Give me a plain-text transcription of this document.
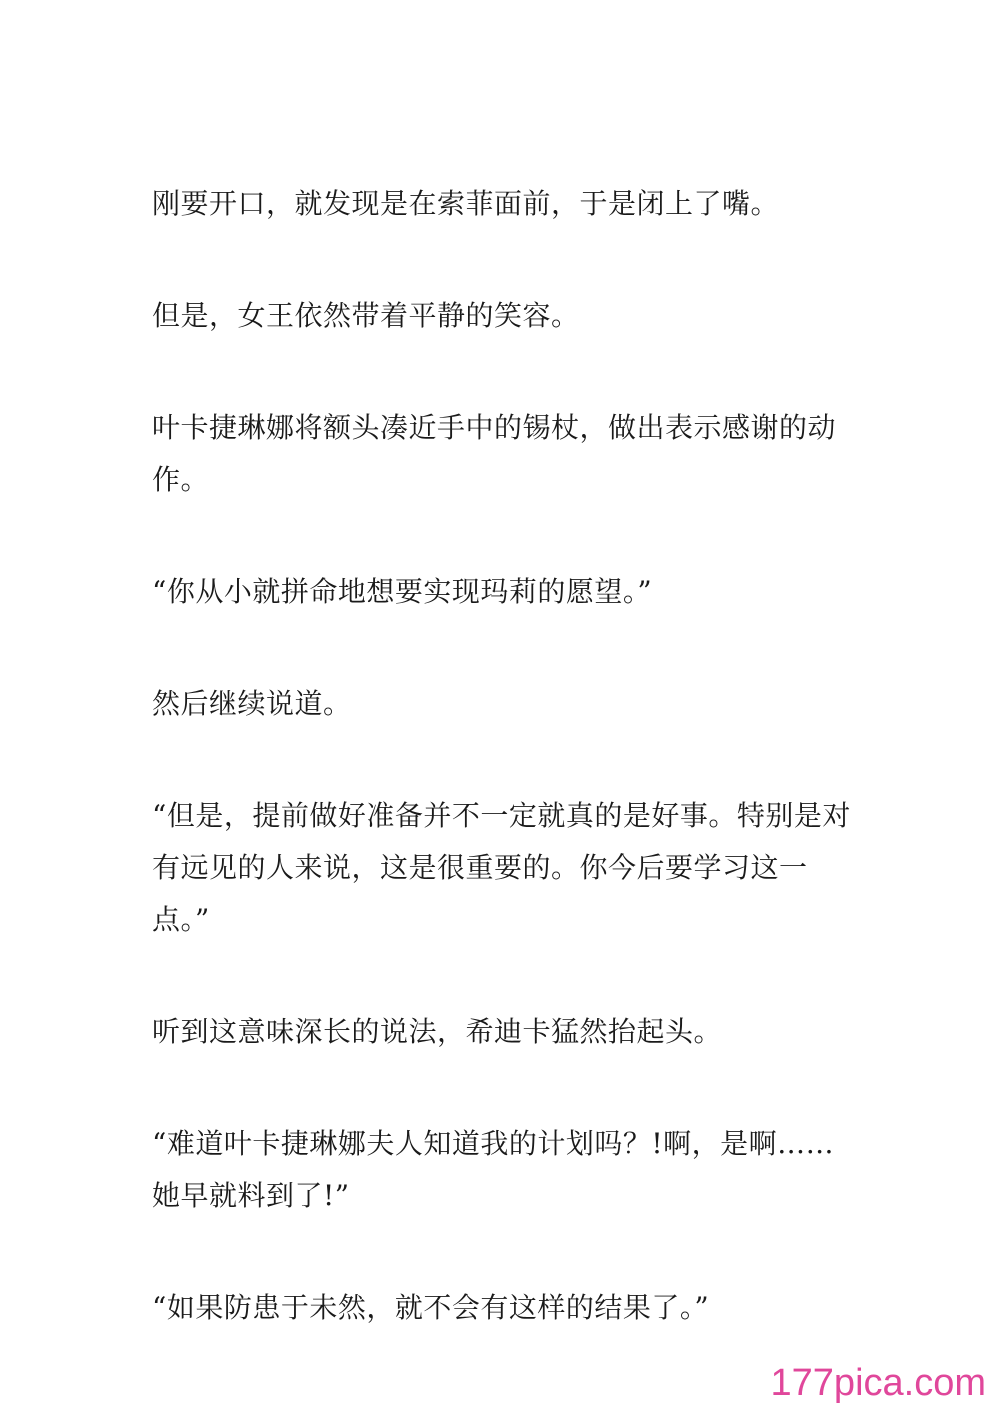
刚要开口，就发现是在索菲面前，于是闭上了嘴。

但是，女王依然带着平静的笑容。

叶卡捷琳娜将额头凑近手中的锡杖，做出表示感谢的动作。

“你从小就拼命地想要实现玛莉的愿望。”

然后继续说道。

“但是，提前做好准备并不一定就真的是好事。特别是对有远见的人来说，这是很重要的。你今后要学习这一点。”

听到这意味深长的说法，希迪卡猛然抬起头。

“难道叶卡捷琳娜夫人知道我的计划吗？!啊，是啊……她早就料到了!”

“如果防患于未然，就不会有这样的结果了。”

177pica.com
